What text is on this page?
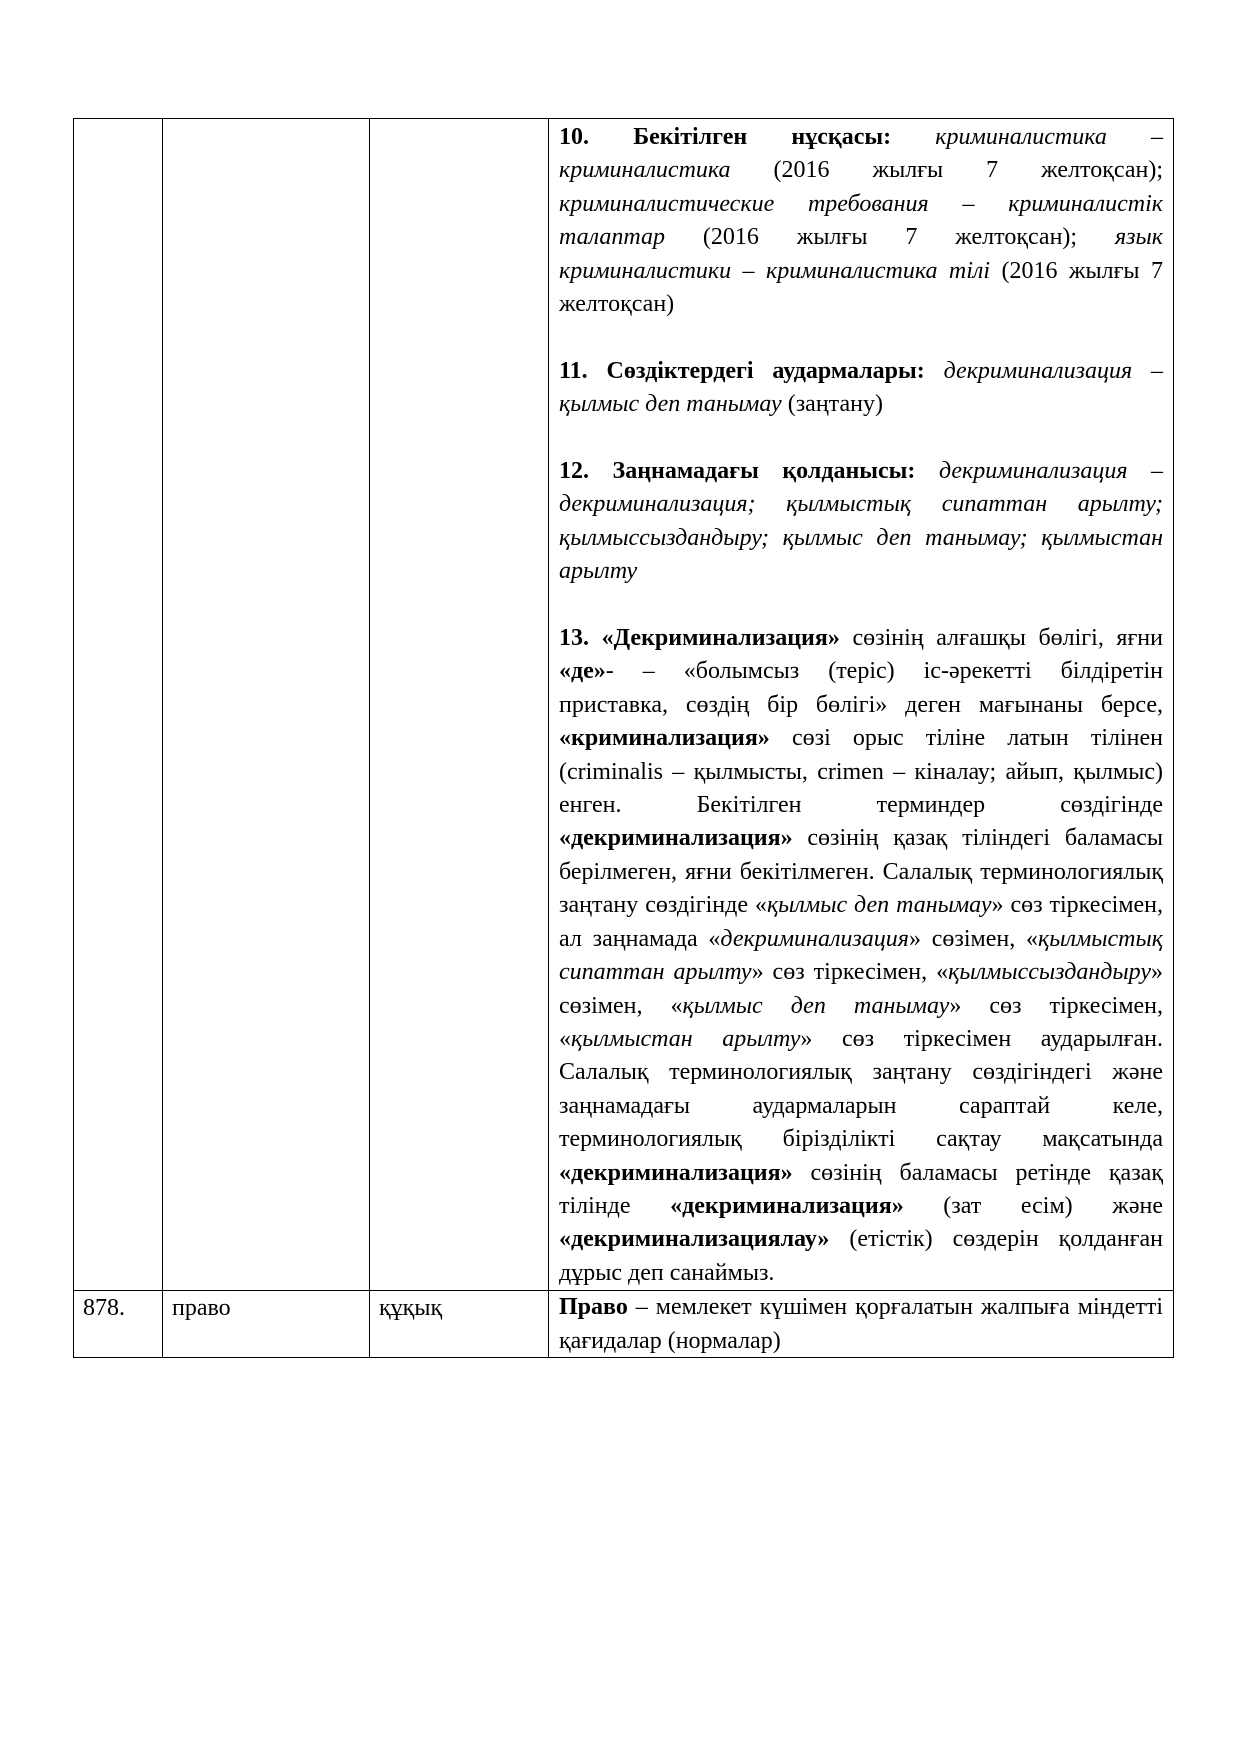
			10. Бекітілген нұсқасы: криминалистика – криминалистика (2016 жылғы 7 желтоқсан); криминалистические требования – криминалистік талаптар (2016 жылғы 7 желтоқсан); язык криминалистики – криминалистика тілі (2016 жылғы 7 желтоқсан)

11. Сөздіктердегі аудармалары: декриминализация – қылмыс деп танымау (заңтану)

12. Заңнамадағы қолданысы: декриминализация – декриминализация; қылмыстық сипаттан арылту; қылмыссыздандыру; қылмыс деп танымау; қылмыстан арылту

13. «Декриминализация» сөзінің алғашқы бөлігі, яғни «де»- – «болымсыз (теріс) іс-әрекетті білдіретін приставка, сөздің бір бөлігі» деген мағынаны берсе, «криминализация» сөзі орыс тіліне латын тілінен (criminalis – қылмысты, crimen – кіналау; айып, қылмыс) енген. Бекітілген терминдер сөздігінде «декриминализация» сөзінің қазақ тіліндегі баламасы берілмеген, яғни бекітілмеген. Салалық терминологиялық заңтану сөздігінде «қылмыс деп танымау» сөз тіркесімен, ал заңнамада «декриминализация» сөзімен, «қылмыстық сипаттан арылту» сөз тіркесімен, «қылмыссыздандыру» сөзімен, «қылмыс деп танымау» сөз тіркесімен, «қылмыстан арылту» сөз тіркесімен аударылған. Салалық терминологиялық заңтану сөздігіндегі және заңнамадағы аудармаларын сараптай келе, терминологиялық бірізділікті сақтау мақсатында «декриминализация» сөзінің баламасы ретінде қазақ тілінде «декриминализация» (зат есім) және «декриминализациялау» (етістік) сөздерін қолданған дұрыс деп санаймыз.

878.	право	құқық	Право – мемлекет күшімен қорғалатын жалпыға міндетті қағидалар (нормалар)
